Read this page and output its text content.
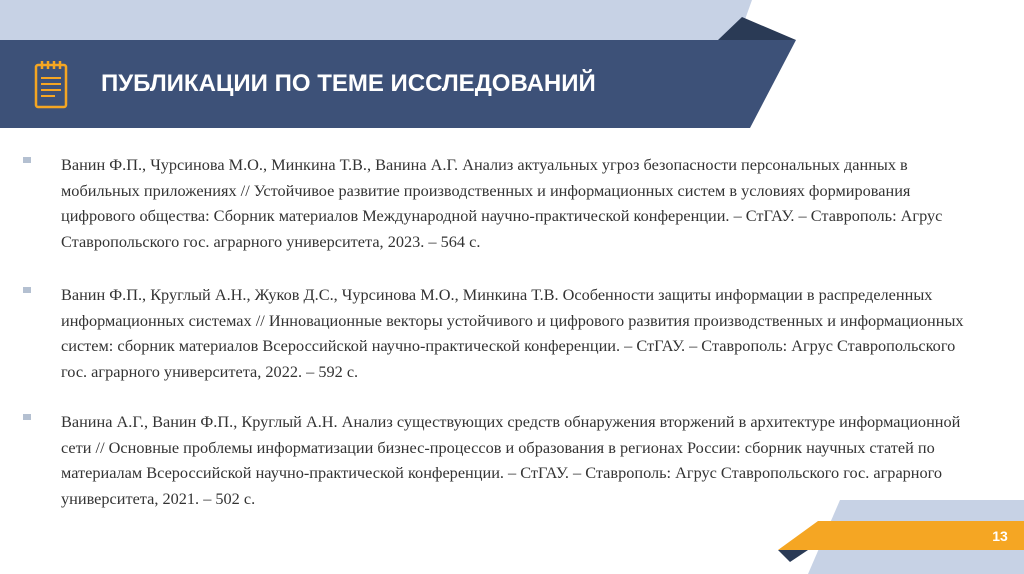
ПУБЛИКАЦИИ ПО ТЕМЕ ИССЛЕДОВАНИЙ
Ванин Ф.П., Чурсинова М.О., Минкина Т.В., Ванина А.Г. Анализ актуальных угроз безопасности персональных данных в мобильных приложениях // Устойчивое развитие производственных и информационных систем в условиях формирования цифрового общества: Сборник материалов Международной научно-практической конференции. – СтГАУ. – Ставрополь: Агрус Ставропольского гос. аграрного университета, 2023. – 564 с.
Ванин Ф.П., Круглый А.Н., Жуков Д.С., Чурсинова М.О., Минкина Т.В. Особенности защиты информации в распределенных информационных системах // Инновационные векторы устойчивого и цифрового развития производственных и информационных систем: сборник материалов Всероссийской научно-практической конференции. – СтГАУ. – Ставрополь: Агрус Ставропольского гос. аграрного университета, 2022. – 592 с.
Ванина А.Г., Ванин Ф.П., Круглый А.Н. Анализ существующих средств обнаружения вторжений в архитектуре информационной сети // Основные проблемы информатизации бизнес-процессов и образования в регионах России: сборник научных статей по материалам Всероссийской научно-практической конференции. – СтГАУ. – Ставрополь: Агрус Ставропольского гос. аграрного университета, 2021. – 502 с.
13
